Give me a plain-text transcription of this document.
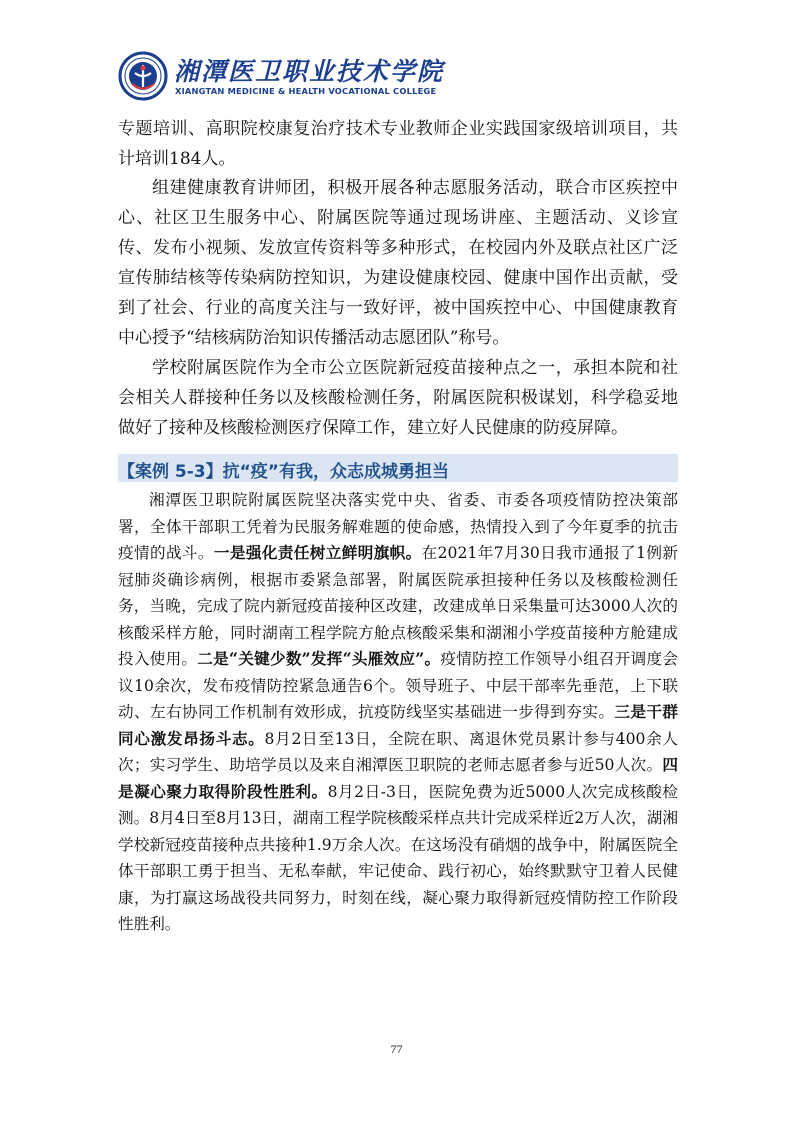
湘潭医卫职业技术学院
XIANGTAN MEDICINE & HEALTH VOCATIONAL COLLEGE

专题培训、高职院校康复治疗技术专业教师企业实践国家级培训项目，共计培训184人。

组建健康教育讲师团，积极开展各种志愿服务活动，联合市区疾控中心、社区卫生服务中心、附属医院等通过现场讲座、主题活动、义诊宣传、发布小视频、发放宣传资料等多种形式，在校园内外及联点社区广泛宣传肺结核等传染病防控知识，为建设健康校园、健康中国作出贡献，受到了社会、行业的高度关注与一致好评，被中国疾控中心、中国健康教育中心授予“结核病防治知识传播活动志愿团队”称号。

学校附属医院作为全市公立医院新冠疫苗接种点之一，承担本院和社会相关人群接种任务以及核酸检测任务，附属医院积极谋划，科学稳妥地做好了接种及核酸检测医疗保障工作，建立好人民健康的防疫屏障。

【案例 5-3】抗“疫”有我，众志成城勇担当

湘潭医卫职院附属医院坚决落实党中央、省委、市委各项疫情防控决策部署，全体干部职工凭着为民服务解难题的使命感，热情投入到了今年夏季的抗击疫情的战斗。一是强化责任树立鲜明旗帜。在2021年7月30日我市通报了1例新冠肺炎确诊病例，根据市委紧急部署，附属医院承担接种任务以及核酸检测任务，当晚，完成了院内新冠疫苗接种区改建，改建成单日采集量可达3000人次的核酸采样方舱，同时湖南工程学院方舱点核酸采集和湖湘小学疫苗接种方舱建成投入使用。二是“关键少数”发挥“头雁效应”。疫情防控工作领导小组召开调度会议10余次，发布疫情防控紧急通告6个。领导班子、中层干部率先垂范，上下联动、左右协同工作机制有效形成，抗疫防线坚实基础进一步得到夯实。三是干群同心激发昂扬斗志。8月2日至13日，全院在职、离退休党员累计参与400余人次；实习学生、助培学员以及来自湘潭医卫职院的老师志愿者参与近50人次。四是凝心聚力取得阶段性胜利。8月2日-3日，医院免费为近5000人次完成核酸检测。8月4日至8月13日，湖南工程学院核酸采样点共计完成采样近2万人次，湖湘学校新冠疫苗接种点共接种1.9万余人次。在这场没有硝烟的战争中，附属医院全体干部职工勇于担当、无私奉献，牢记使命、践行初心，始终默默守卫着人民健康，为打赢这场战役共同努力，时刻在线，凝心聚力取得新冠疫情防控工作阶段性胜利。

77
